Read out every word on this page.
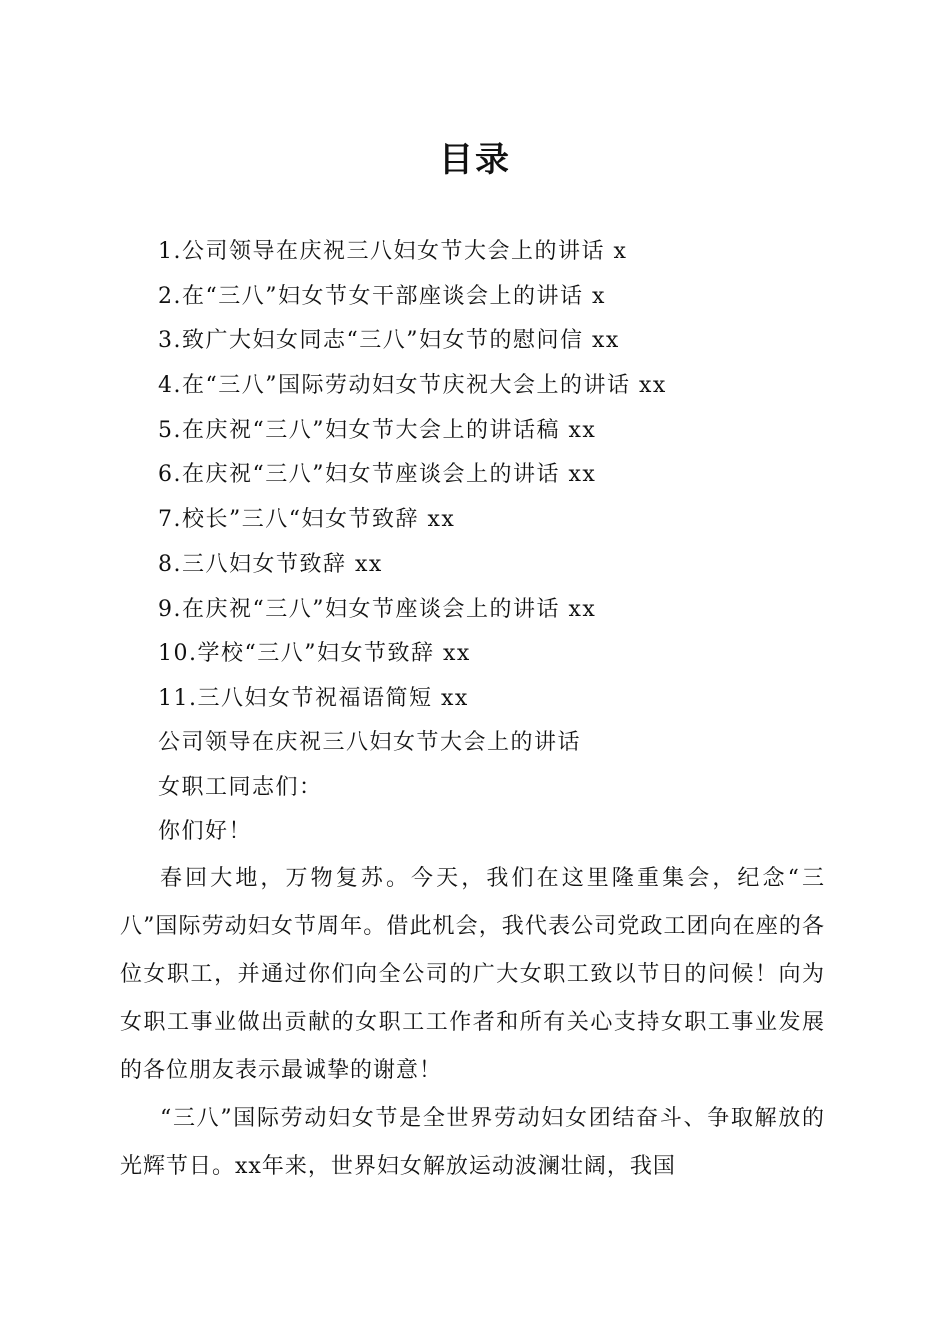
目录
1.公司领导在庆祝三八妇女节大会上的讲话 x
2.在“三八”妇女节女干部座谈会上的讲话 x
3.致广大妇女同志“三八”妇女节的慰问信 xx
4.在“三八”国际劳动妇女节庆祝大会上的讲话 xx
5.在庆祝“三八”妇女节大会上的讲话稿 xx
6.在庆祝“三八”妇女节座谈会上的讲话 xx
7.校长”三八“妇女节致辞 xx
8.三八妇女节致辞 xx
9.在庆祝“三八”妇女节座谈会上的讲话 xx
10.学校“三八”妇女节致辞 xx
11.三八妇女节祝福语简短 xx
公司领导在庆祝三八妇女节大会上的讲话
女职工同志们：
你们好！

春回大地，万物复苏。今天，我们在这里隆重集会，纪念“三八”国际劳动妇女节周年。借此机会，我代表公司党政工团向在座的各位女职工，并通过你们向全公司的广大女职工致以节日的问候！向为女职工事业做出贡献的女职工工作者和所有关心支持女职工事业发展的各位朋友表示最诚挚的谢意！

“三八”国际劳动妇女节是全世界劳动妇女团结奋斗、争取解放的光辉节日。xx年来，世界妇女解放运动波澜壮阔，我国
